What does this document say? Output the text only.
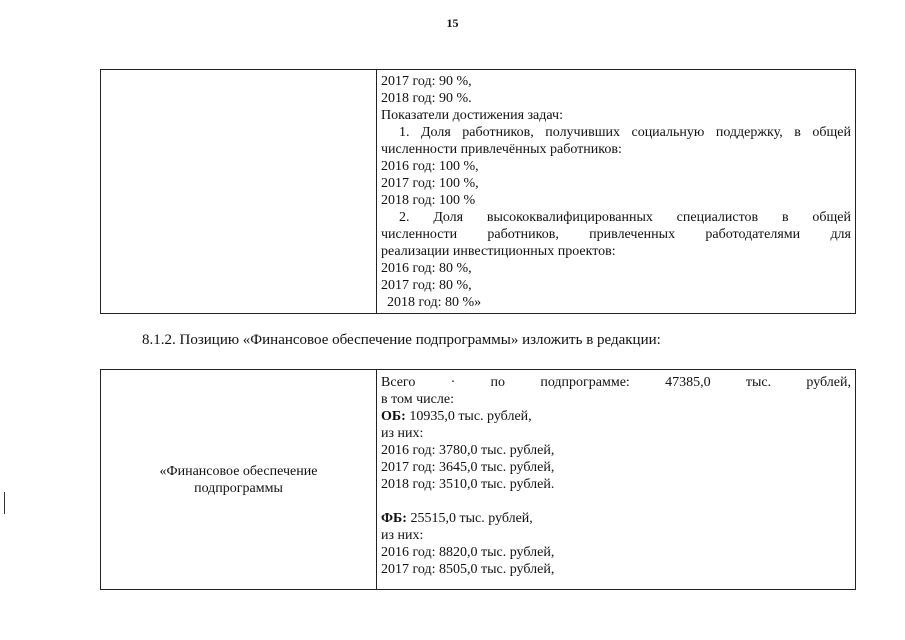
15
2017 год: 90 %,
2018 год: 90 %.
Показатели достижения задач:
1. Доля работников, получивших социальную поддержку, в общей
численности привлечённых работников:
2016 год: 100 %,
2017 год: 100 %,
2018 год: 100 %
2. Доля высококвалифицированных специалистов в общей
численности работников, привлеченных работодателями для
реализации инвестиционных проектов:
2016 год: 80 %,
2017 год: 80 %,
2018 год: 80 %»
8.1.2. Позицию «Финансовое обеспечение подпрограммы» изложить в редакции:
«Финансовое обеспечение
подпрограммы
Всего · по подпрограмме: 47385,0 тыс. рублей,
в том числе:
ОБ: 10935,0 тыс. рублей,
из них:
2016 год: 3780,0 тыс. рублей,
2017 год: 3645,0 тыс. рублей,
2018 год: 3510,0 тыс. рублей.
ФБ: 25515,0 тыс. рублей,
из них:
2016 год: 8820,0 тыс. рублей,
2017 год: 8505,0 тыс. рублей,
